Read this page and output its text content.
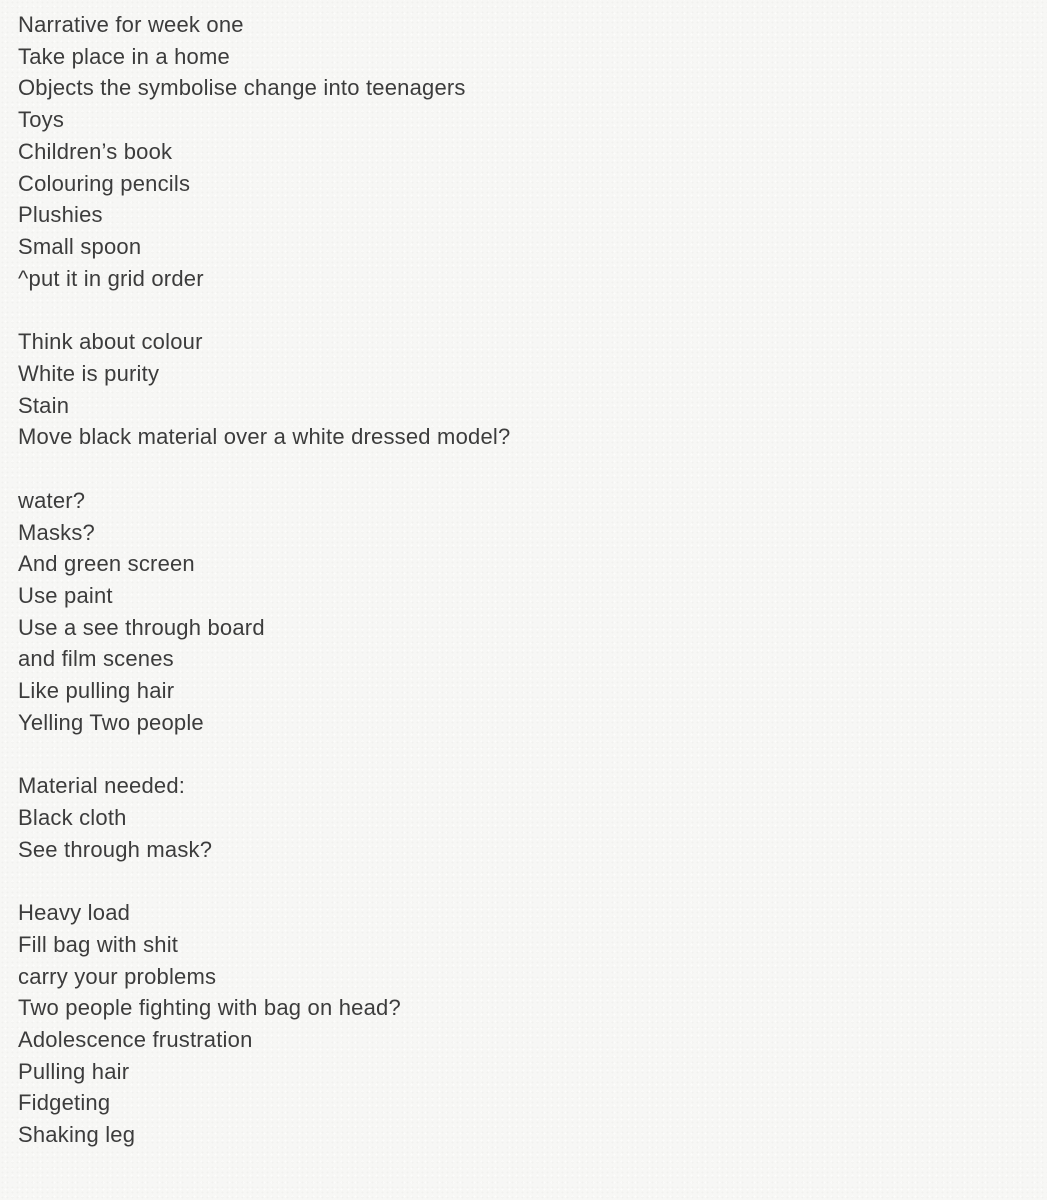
Narrative for week one
Take place in a home
Objects the symbolise change into teenagers
Toys
Children’s book
Colouring pencils
Plushies
Small spoon
^put it in grid order
Think about colour
White is purity
Stain
Move black material over a white dressed model?
water?
Masks?
And green screen
Use paint
Use a see through board
and film scenes
Like pulling hair
Yelling Two people
Material needed:
Black cloth
See through mask?
Heavy load
Fill bag with shit
carry your problems
Two people fighting with bag on head?
Adolescence frustration
Pulling hair
Fidgeting
Shaking leg
